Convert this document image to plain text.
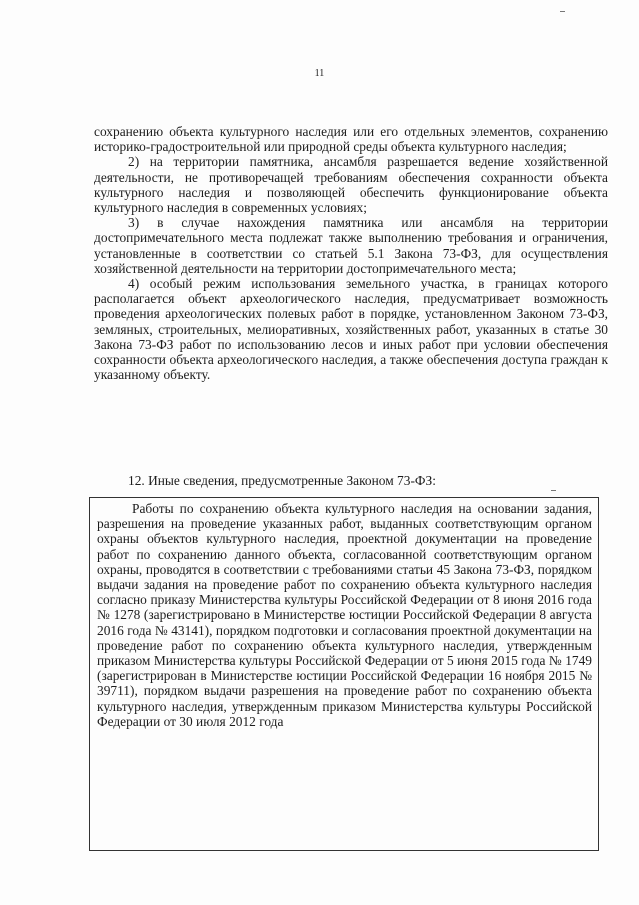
11

сохранению объекта культурного наследия или его отдельных элементов, сохранению историко-градостроительной или природной среды объекта культурного наследия;

2) на территории памятника, ансамбля разрешается ведение хозяйственной деятельности, не противоречащей требованиям обеспечения сохранности объекта культурного наследия и позволяющей обеспечить функционирование объекта культурного наследия в современных условиях;

3) в случае нахождения памятника или ансамбля на территории достопримечательного места подлежат также выполнению требования и ограничения, установленные в соответствии со статьей 5.1 Закона 73-ФЗ, для осуществления хозяйственной деятельности на территории достопримечательного места;

4) особый режим использования земельного участка, в границах которого располагается объект археологического наследия, предусматривает возможность проведения археологических полевых работ в порядке, установленном Законом 73-ФЗ, земляных, строительных, мелиоративных, хозяйственных работ, указанных в статье 30 Закона 73-ФЗ работ по использованию лесов и иных работ при условии обеспечения сохранности объекта археологического наследия, а также обеспечения доступа граждан к указанному объекту.

12. Иные сведения, предусмотренные Законом 73-ФЗ:

Работы по сохранению объекта культурного наследия на основании задания, разрешения на проведение указанных работ, выданных соответствующим органом охраны объектов культурного наследия, проектной документации на проведение работ по сохранению данного объекта, согласованной соответствующим органом охраны, проводятся в соответствии с требованиями статьи 45 Закона 73-ФЗ, порядком выдачи задания на проведение работ по сохранению объекта культурного наследия согласно приказу Министерства культуры Российской Федерации от 8 июня 2016 года № 1278 (зарегистрировано в Министерстве юстиции Российской Федерации 8 августа 2016 года № 43141), порядком подготовки и согласования проектной документации на проведение работ по сохранению объекта культурного наследия, утвержденным приказом Министерства культуры Российской Федерации от 5 июня 2015 года № 1749 (зарегистрирован в Министерстве юстиции Российской Федерации 16 ноября 2015 № 39711), порядком выдачи разрешения на проведение работ по сохранению объекта культурного наследия, утвержденным приказом Министерства культуры Российской Федерации от 30 июля 2012 года
